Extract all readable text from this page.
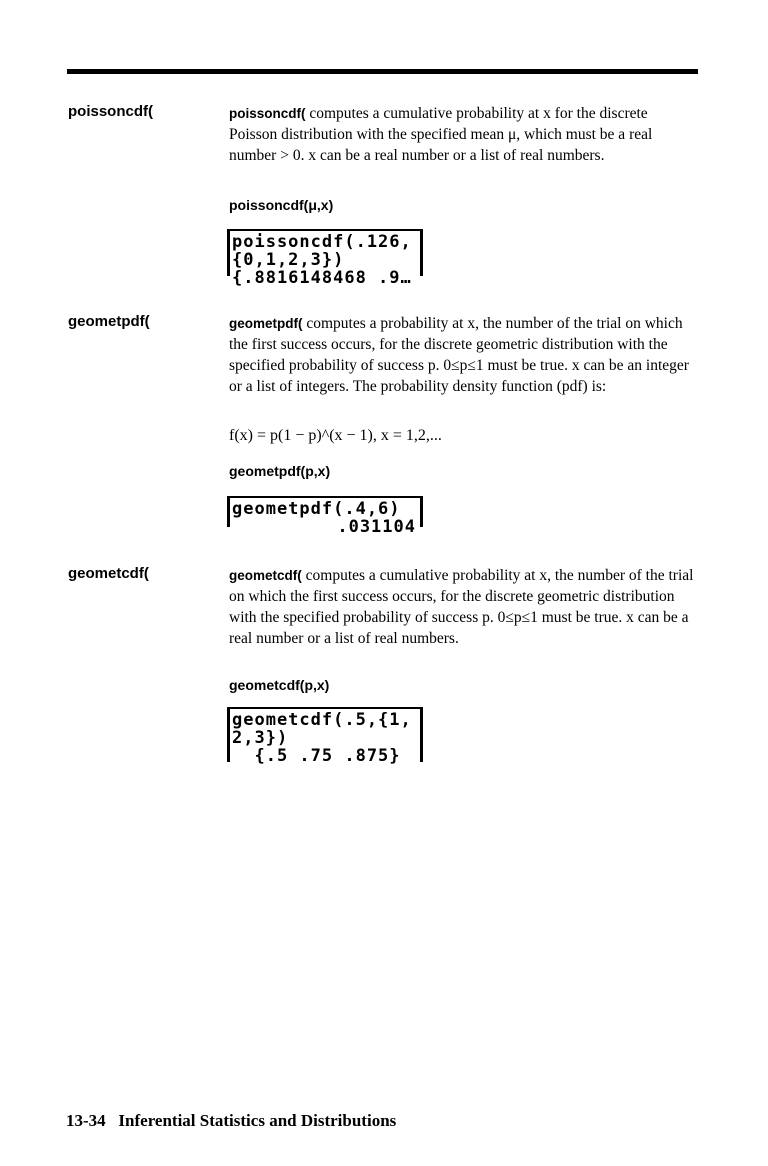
poissoncdf(	poissoncdf( computes a cumulative probability at x for the discrete Poisson distribution with the specified mean μ, which must be a real number > 0. x can be a real number or a list of real numbers.

poissoncdf(μ,x)

poissoncdf(.126,
{0,1,2,3})
{.8816148468 .9…
geometpdf(	geometpdf( computes a probability at x, the number of the trial on which the first success occurs, for the discrete geometric distribution with the specified probability of success p. 0≤p≤1 must be true. x can be an integer or a list of integers. The probability density function (pdf) is:

f(x) = p(1 − p)^(x − 1), x = 1,2,...

geometpdf(p,x)

geometpdf(.4,6)
.031104
geometcdf(	geometcdf( computes a cumulative probability at x, the number of the trial on which the first success occurs, for the discrete geometric distribution with the specified probability of success p. 0≤p≤1 must be true. x can be a real number or a list of real numbers.

geometcdf(p,x)

geometcdf(.5,{1,
2,3})
{.5 .75 .875}
13-34   Inferential Statistics and Distributions
